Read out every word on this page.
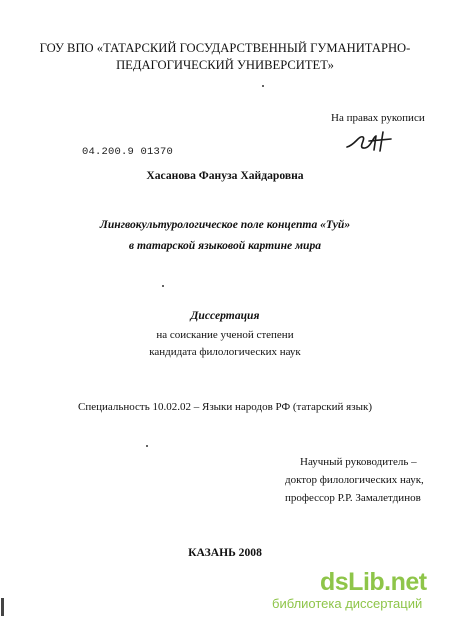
ГОУ ВПО «ТАТАРСКИЙ ГОСУДАРСТВЕННЫЙ ГУМАНИТАРНО-
ПЕДАГОГИЧЕСКИЙ УНИВЕРСИТЕТ»
На правах рукописи
04.200.9 01370
Хасанова Фануза Хайдаровна
Лингвокультурологическое поле концепта «Туй»
в татарской языковой картине мира
Диссертация
на соискание ученой степени
кандидата филологических наук
Специальность 10.02.02 – Языки народов РФ (татарский язык)
Научный руководитель –
доктор филологических наук,
профессор Р.Р. Замалетдинов
КАЗАНЬ 2008
dsLib.net
библиотека диссертаций
